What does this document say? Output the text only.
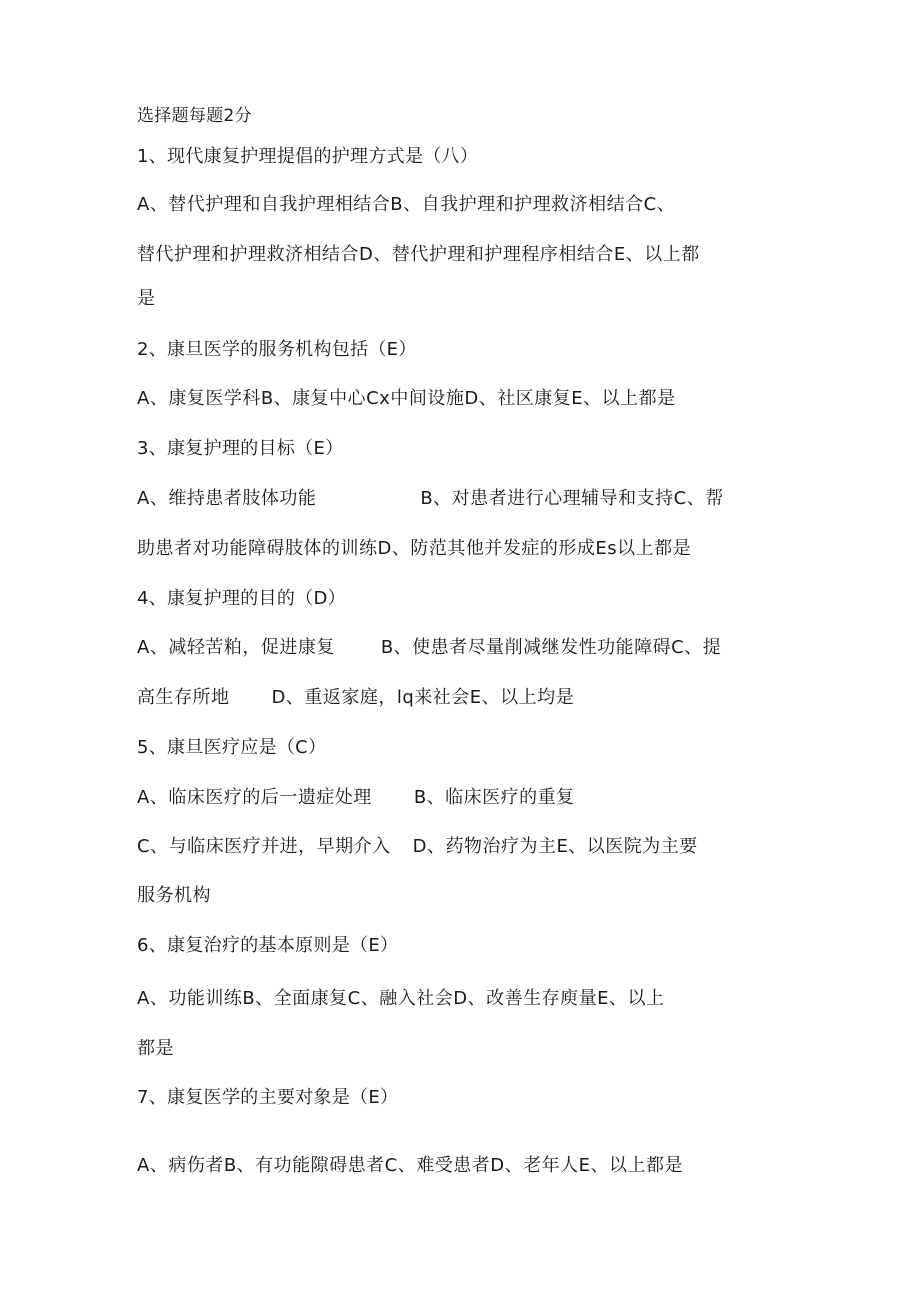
选择题每题2分
1、现代康复护理提倡的护理方式是（八）
A、替代护理和自我护理相结合B、自我护理和护理救济相结合C、
替代护理和护理救济相结合D、替代护理和护理程序相结合E、以上都
是
2、康旦医学的服务机构包括（E）
A、康复医学科B、康复中心Cx中间设施D、社区康复E、以上都是
3、康复护理的目标（E）
A、维持患者肢体功能	B、对患者进行心理辅导和支持C、帮
助患者对功能障碍肢体的训练D、防范其他并发症的形成Es以上都是
4、康复护理的目的（D）
A、减轻苦粕，促进康复	B、使患者尽量削减继发性功能障碍C、提
高生存所地 D、重返家庭，lq来社会E、以上均是
5、康旦医疗应是（C）
A、临床医疗的后一遗症处理 B、临床医疗的重复
C、与临床医疗并进，早期介入 D、药物治疗为主E、以医院为主要
服务机构
6、康复治疗的基本原则是（E）
A、功能训练B、全面康复C、融入社会D、改善生存庾量E、以上
都是
7、康复医学的主要对象是（E）
A、病伤者B、有功能隙碍患者C、难受患者D、老年人E、以上都是
